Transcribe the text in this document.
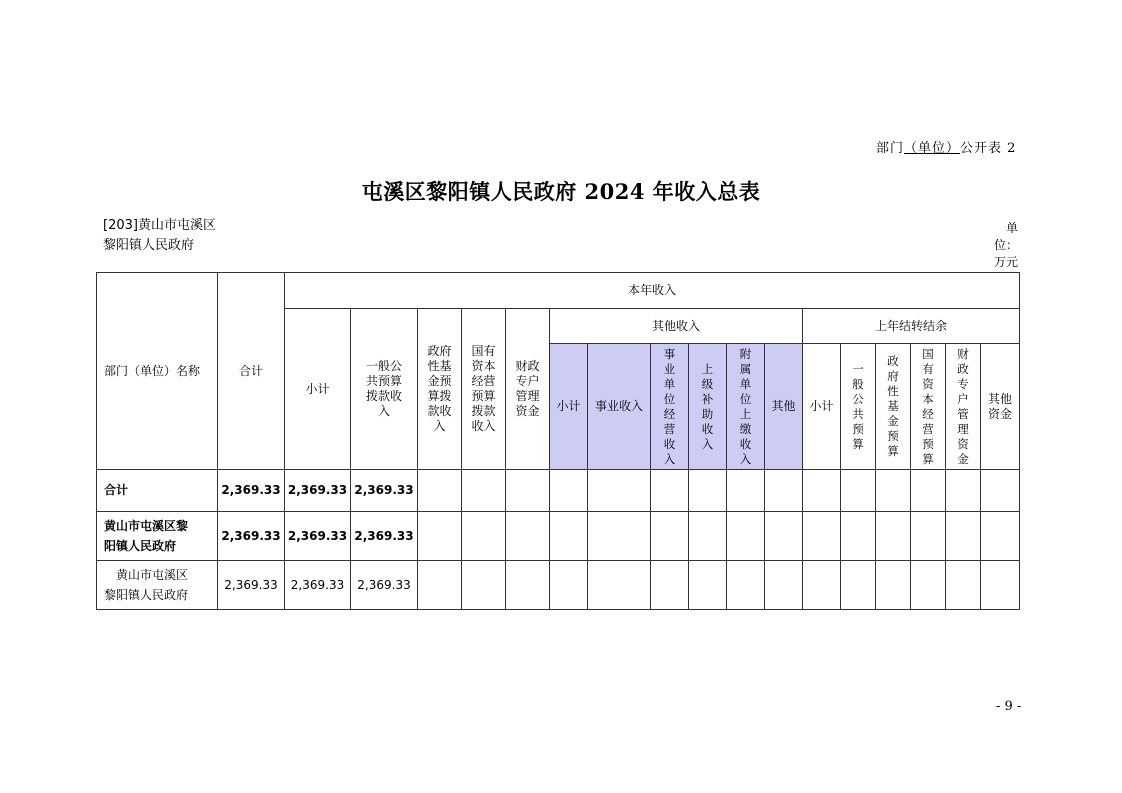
部门（单位）公开表 2
屯溪区黎阳镇人民政府 2024 年收入总表
[203]黄山市屯溪区黎阳镇人民政府
单位：万元
部门（单位）名称	合计	本年收入																
		小计	一般公共预算拨款收入	政府性基金预算拨款收入	国有资本经营预算拨款收入	财政专户管理资金	其他收入						上年结转结余					
							小计	事业收入	事业单位经营收入	上级补助收入	附属单位上缴收入	其他	小计	一般公共预算	政府性基金预算	国有资本经营预算	财政专户管理资金	其他资金

合计	2,369.33	2,369.33	2,369.33															

黄山市屯溪区黎阳镇人民政府	2,369.33	2,369.33	2,369.33															

黄山市屯溪区黎阳镇人民政府	2,369.33	2,369.33	2,369.33															
- 9 -
